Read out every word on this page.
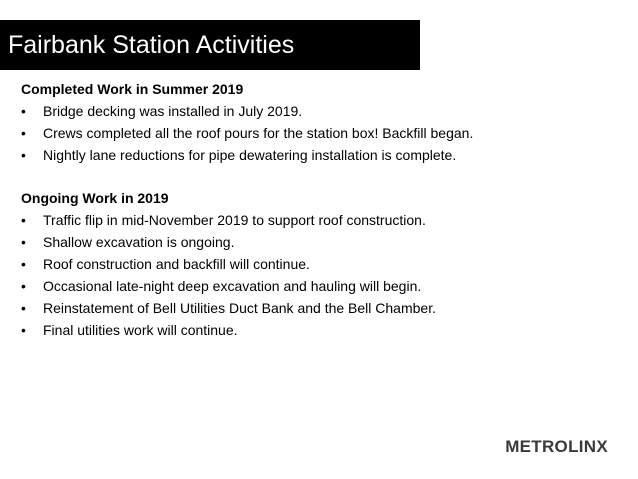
Fairbank Station Activities
Completed Work in Summer 2019
•	Bridge decking was installed in July 2019.
•	Crews completed all the roof pours for the station box! Backfill began.
•	Nightly lane reductions for pipe dewatering installation is complete.
Ongoing Work in 2019
•	Traffic flip in mid-November 2019 to support roof construction.
•	Shallow excavation is ongoing.
•	Roof construction and backfill will continue.
•	Occasional late-night deep excavation and hauling will begin.
•	Reinstatement of Bell Utilities Duct Bank and the Bell Chamber.
•	Final utilities work will continue.
METROLINX
